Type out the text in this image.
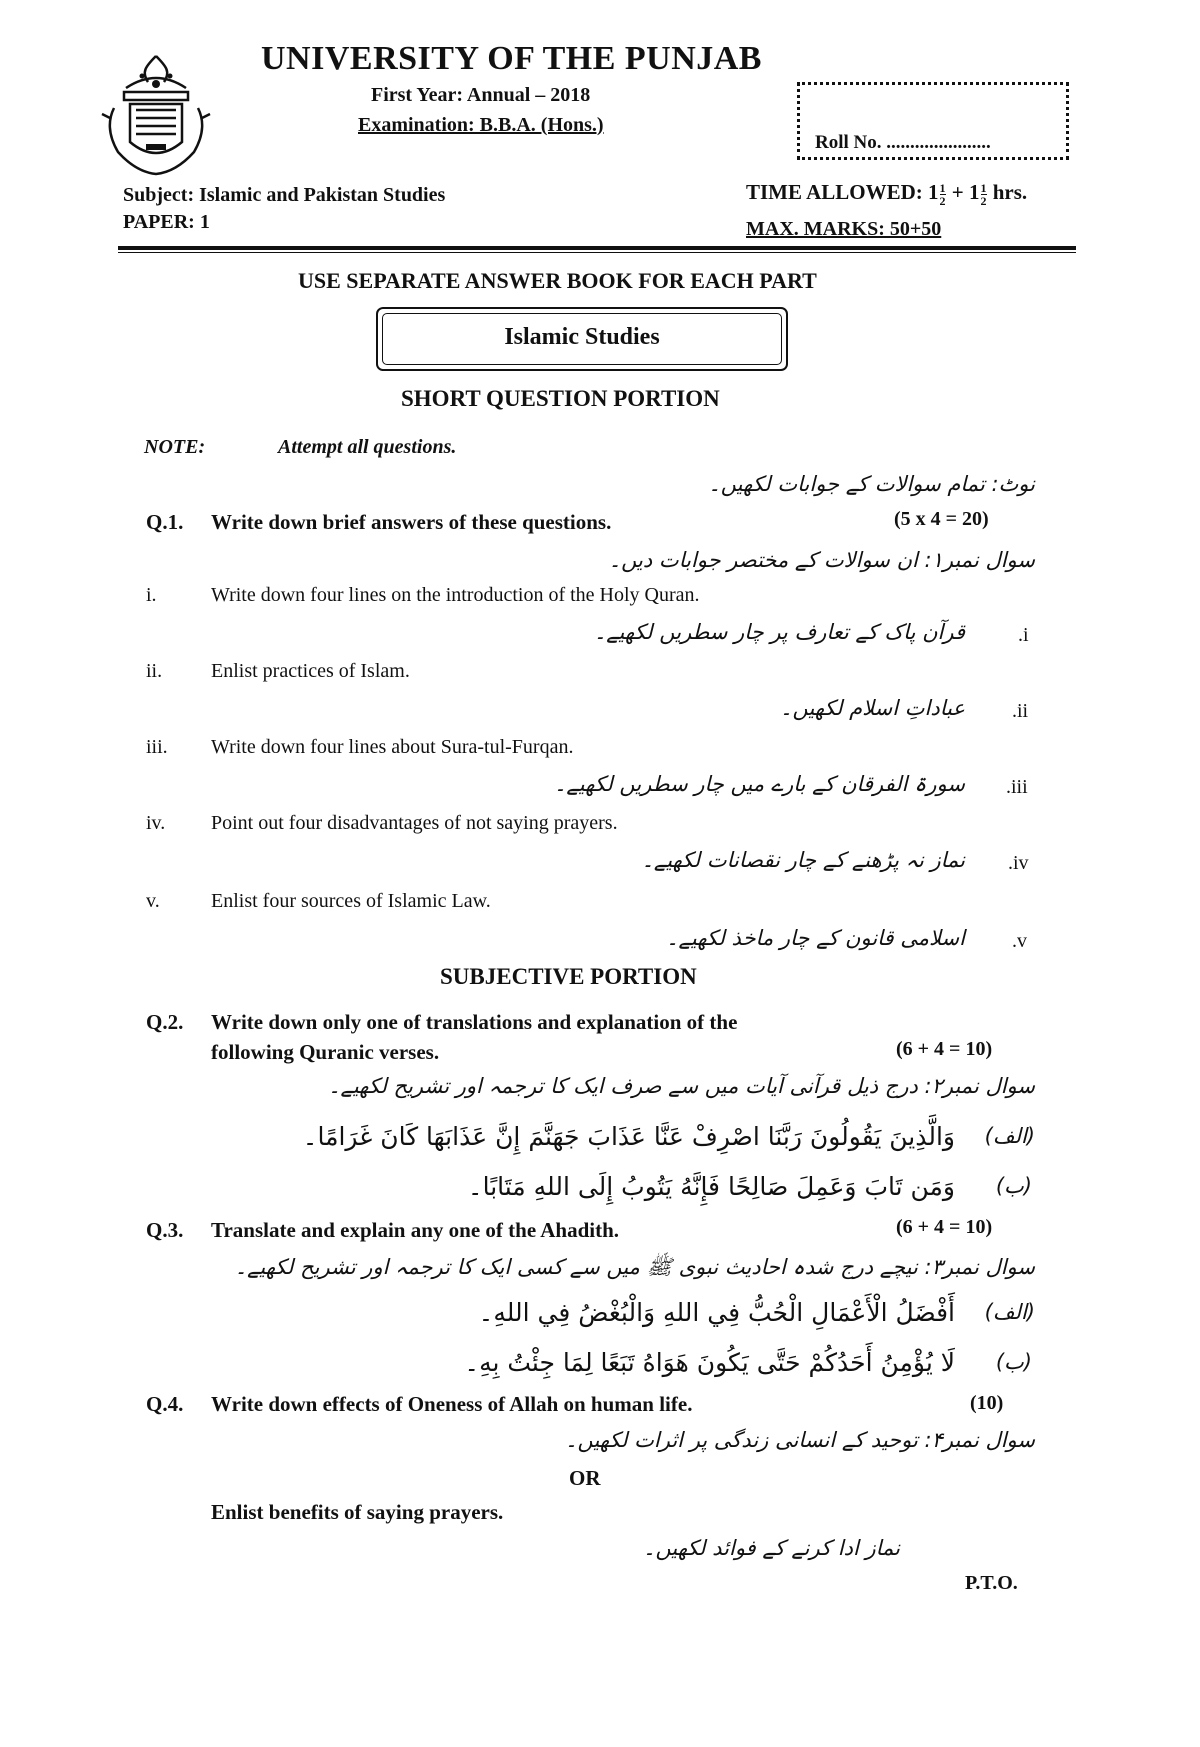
UNIVERSITY OF THE PUNJAB
First Year: Annual – 2018
Examination: B.B.A. (Hons.)
Roll No. ......................
Subject: Islamic and Pakistan Studies
PAPER: 1
TIME ALLOWED: $1 \frac{1}{2} + 1 \frac{1}{2}$ hrs.
MAX. MARKS: 50+50
USE SEPARATE ANSWER BOOK FOR EACH PART
Islamic Studies
SHORT QUESTION PORTION
NOTE:	Attempt all questions.
نوٹ: تمام سوالات کے جوابات لکھیں۔
Q.1. Write down brief answers of these questions.	(5 x 4 = 20)
سوال نمبر۱: ان سوالات کے مختصر جوابات دیں۔
i.	Write down four lines on the introduction of the Holy Quran.
قرآن پاک کے تعارف پر چار سطریں لکھیے۔	.i
ii. Enlist practices of Islam.
عباداتِ اسلام لکھیں۔ .ii
iii. Write down four lines about Sura-tul-Furqan.
سورۃ الفرقان کے بارے میں چار سطریں لکھیے۔ .iii
iv. Point out four disadvantages of not saying prayers.
نماز نہ پڑھنے کے چار نقصانات لکھیے۔ .iv
v.	Enlist four sources of Islamic Law.
اسلامی قانون کے چار ماخذ لکھیے۔ .v
SUBJECTIVE PORTION
Q.2. Write down only one of translations and explanation of the
following Quranic verses.	(6 + 4 = 10)
سوال نمبر۲: درج ذیل قرآنی آیات میں سے صرف ایک کا ترجمہ اور تشریح لکھیے۔
وَالَّذِينَ يَقُولُونَ رَبَّنَا اصْرِفْ عَنَّا عَذَابَ جَهَنَّمَ إِنَّ عَذَابَهَا كَانَ غَرَامًا۔ (الف)
وَمَن تَابَ وَعَمِلَ صَالِحًا فَإِنَّهُ يَتُوبُ إِلَى اللهِ مَتَابًا۔ (ب)
Q.3. Translate and explain any one of the Ahadith.	(6 + 4 = 10)
سوال نمبر۳: نیچے درج شدہ احادیث نبوی ﷺ میں سے کسی ایک کا ترجمہ اور تشریح لکھیے۔
أَفْضَلُ الْأَعْمَالِ الْحُبُّ فِي اللهِ وَالْبُغْضُ فِي اللهِ۔ (الف)
لَا يُؤْمِنُ أَحَدُكُمْ حَتَّى يَكُونَ هَوَاهُ تَبَعًا لِمَا جِئْتُ بِهِ۔ (ب)
Q.4. Write down effects of Oneness of Allah on human life.	(10)
سوال نمبر۴: توحید کے انسانی زندگی پر اثرات لکھیں۔
OR
Enlist benefits of saying prayers.
نماز ادا کرنے کے فوائد لکھیں۔
P.T.O.
